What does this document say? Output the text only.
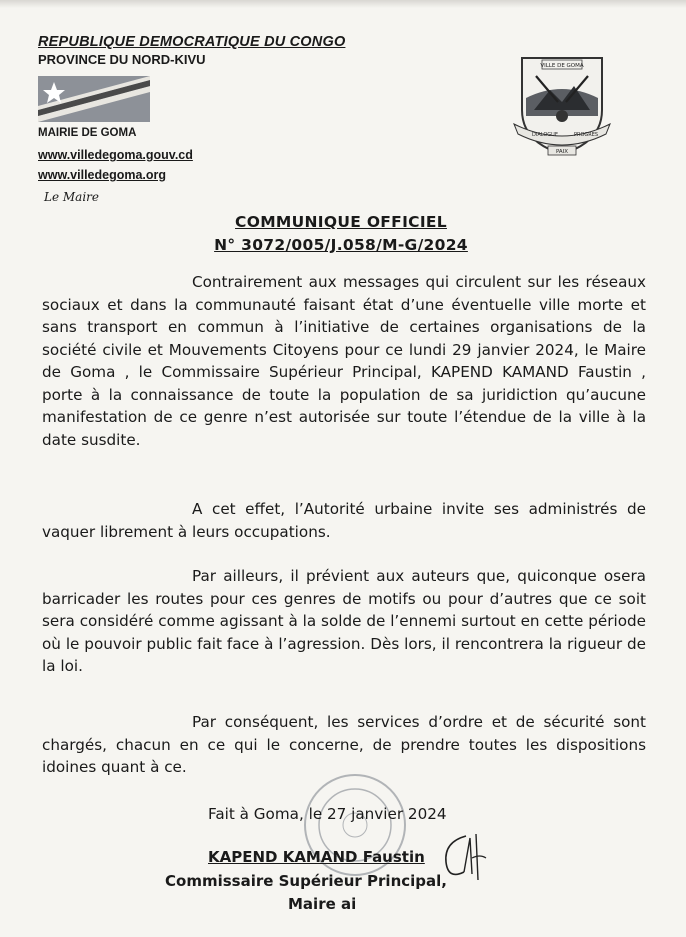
REPUBLIQUE DEMOCRATIQUE DU CONGO
PROVINCE DU NORD-KIVU
MAIRIE DE GOMA
www.villedegoma.gouv.cd
www.villedegoma.org
Le Maire
VILLE DE GOMA
DIALOGUE	PROGRES
PAIX
COMMUNIQUE OFFICIEL
N° 3072/005/J.058/M-G/2024
Contrairement aux messages qui circulent sur les réseaux sociaux et dans la communauté faisant état d’une éventuelle ville morte et sans transport en commun à l’initiative de certaines organisations de la société civile et Mouvements Citoyens pour ce lundi 29 janvier 2024, le Maire de Goma , le Commissaire Supérieur Principal, KAPEND KAMAND Faustin , porte à la connaissance de toute la population de sa juridiction qu’aucune manifestation de ce genre n’est autorisée sur toute l’étendue de la ville à la date susdite.
A cet effet, l’Autorité urbaine invite ses administrés de vaquer librement à leurs occupations.
Par ailleurs, il prévient aux auteurs que, quiconque osera barricader les routes pour ces genres de motifs ou pour d’autres que ce soit sera considéré comme agissant à la solde de l’ennemi surtout en cette période où le pouvoir public fait face à l’agression. Dès lors, il rencontrera la rigueur de la loi.
Par conséquent, les services d’ordre et de sécurité sont chargés, chacun en ce qui le concerne, de prendre toutes les dispositions idoines quant à ce.
Fait à Goma, le 27 janvier 2024
KAPEND KAMAND Faustin
Commissaire Supérieur Principal,
Maire ai
